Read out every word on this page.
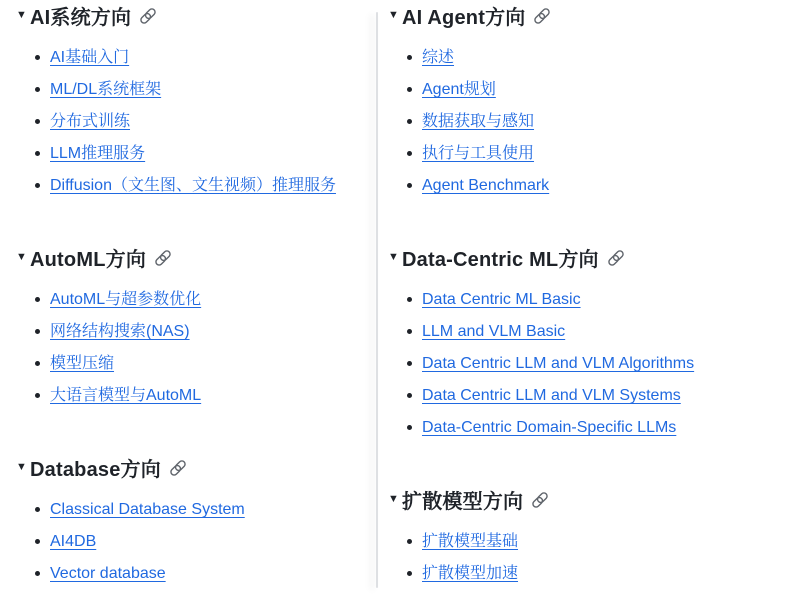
▼ AI系统方向
AI基础入门
ML/DL系统框架
分布式训练
LLM推理服务
Diffusion（文生图、文生视频）推理服务
▼ AutoML方向
AutoML与超参数优化
网络结构搜索(NAS)
模型压缩
大语言模型与AutoML
▼ Database方向
Classical Database System
AI4DB
Vector database
▼ AI Agent方向
综述
Agent规划
数据获取与感知
执行与工具使用
Agent Benchmark
▼ Data-Centric ML方向
Data Centric ML Basic
LLM and VLM Basic
Data Centric LLM and VLM Algorithms
Data Centric LLM and VLM Systems
Data-Centric Domain-Specific LLMs
▼ 扩散模型方向
扩散模型基础
扩散模型加速
